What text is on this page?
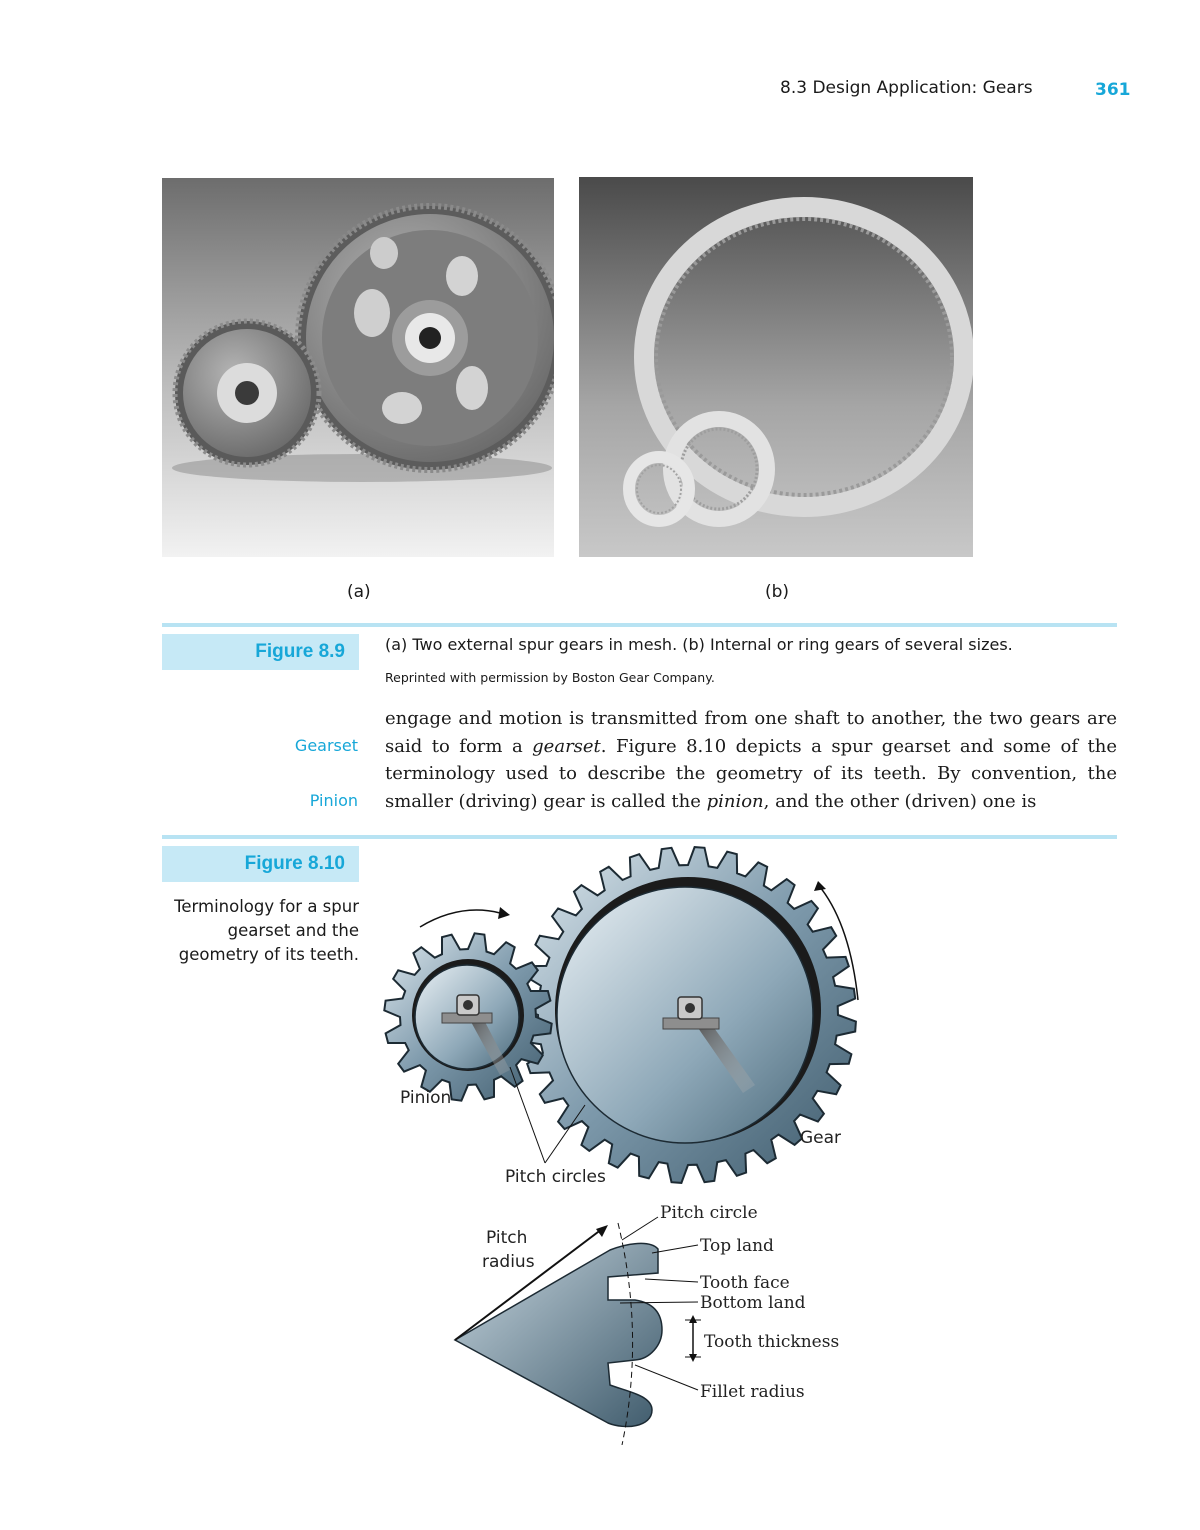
8.3 Design Application: Gears	361
(a)	(b)
Figure 8.9	(a) Two external spur gears in mesh. (b) Internal or ring gears of several sizes.
Reprinted with permission by Boston Gear Company.
Gearset
Pinion

engage and motion is transmitted from one shaft to another, the two gears are said to form a gearset. Figure 8.10 depicts a spur gearset and some of the terminology used to describe the geometry of its teeth. By convention, the smaller (driving) gear is called the pinion, and the other (driven) one is

Figure 8.10

Terminology for a spur gearset and the geometry of its teeth.

Pinion
Gear
Pitch circles
Pitch circle
Pitch
radius
Top land
Tooth face
Bottom land
Tooth thickness
Fillet radius
